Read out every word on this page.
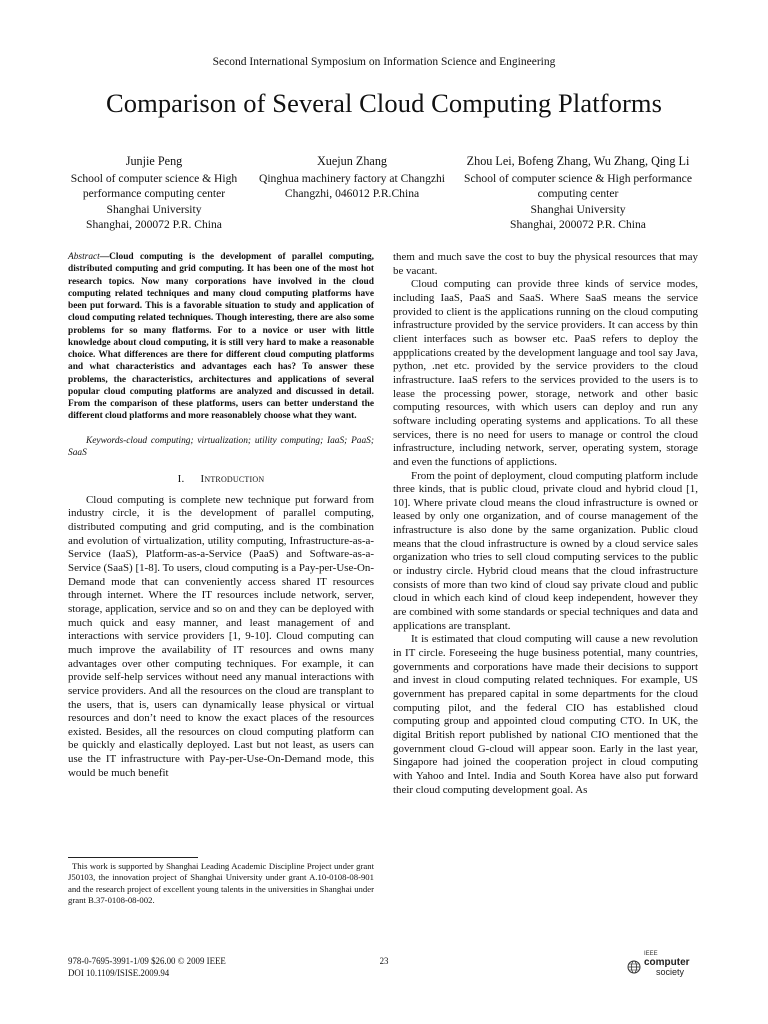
Second International Symposium on Information Science and Engineering
Comparison of Several Cloud Computing Platforms
Junjie Peng
School of computer science & High
performance computing center
Shanghai University
Shanghai, 200072 P.R. China
Xuejun Zhang
Qinghua machinery factory at Changzhi
Changzhi, 046012 P.R.China
Zhou Lei, Bofeng Zhang, Wu Zhang, Qing Li
School of computer science & High performance
computing center
Shanghai University
Shanghai, 200072 P.R. China
Abstract—Cloud computing is the development of parallel computing, distributed computing and grid computing. It has been one of the most hot research topics. Now many corporations have involved in the cloud computing related techniques and many cloud computing platforms have been put forward. This is a favorable situation to study and application of cloud computing related techniques. Though interesting, there are also some problems for so many flatforms. For to a novice or user with little knowledge about cloud computing, it is still very hard to make a reasonable choice. What differences are there for different cloud computing platforms and what characteristics and advantages each has? To answer these problems, the characteristics, architectures and applications of several popular cloud computing platforms are analyzed and discussed in detail. From the comparison of these platforms, users can better understand the different cloud platforms and more reasonablely choose what they want.
Keywords-cloud computing; virtualization; utility computing; IaaS; PaaS; SaaS
I. Introduction

Cloud computing is complete new technique put forward from industry circle, it is the development of parallel computing, distributed computing and grid computing, and is the combination and evolution of virtualization, utility computing, Infrastructure-as-a-Service (IaaS), Platform-as-a-Service (PaaS) and Software-as-a-Service (SaaS) [1-8]. To users, cloud computing is a Pay-per-Use-On-Demand mode that can conveniently access shared IT resources through internet. Where the IT resources include network, server, storage, application, service and so on and they can be deployed with much quick and easy manner, and least management of and interactions with service providers [1, 9-10]. Cloud computing can much improve the availability of IT resources and owns many advantages over other computing techniques. For example, it can provide self-help services without need any manual interactions with service providers. And all the resources on the cloud are transplant to the users, that is, users can dynamically lease physical or virtual resources and don’t need to know the exact places of the resources existed. Besides, all the resources on cloud computing platform can be quickly and elastically deployed. Last but not least, as users can use the IT infrastructure with Pay-per-Use-On-Demand mode, this would be much benefit

This work is supported by Shanghai Leading Academic Discipline Project under grant J50103, the innovation project of Shanghai University under grant A.10-0108-08-901 and the research project of excellent young talents in the universities in Shanghai under grant B.37-0108-08-002.

them and much save the cost to buy the physical resources that may be vacant.

Cloud computing can provide three kinds of service modes, including IaaS, PaaS and SaaS. Where SaaS means the service provided to client is the applications running on the cloud computing infrastructure provided by the service providers. It can access by thin client interfaces such as bowser etc. PaaS refers to deploy the appplications created by the development language and tool say Java, python, .net etc. provided by the service providers to the cloud infrastructure. IaaS refers to the services provided to the users is to lease the processing power, storage, network and other basic computing resources, with which users can deploy and run any software including operating systems and applications. To all these services, there is no need for users to manage or control the cloud infrastructure, including network, server, operating system, storage and even the functions of applictions.

From the point of deployment, cloud computing platform include three kinds, that is public cloud, private cloud and hybrid cloud [1, 10]. Where private cloud means the cloud infrastructure is owned or leased by only one organization, and of course management of the infrastructure is also done by the same organization. Public cloud means that the cloud infrastructure is owned by a cloud service sales organization who tries to sell cloud computing services to the public or industry circle. Hybrid cloud means that the cloud infrastructure consists of more than two kind of cloud say private cloud and public cloud in which each kind of cloud keep independent, however they are combined with some standards or special techniques and data and applications are transplant.

It is estimated that cloud computing will cause a new revolution in IT circle. Foreseeing the huge business potential, many countries, governments and corporations have made their decisions to support and invest in cloud computing related techniques. For example, US government has prepared capital in some departments for the cloud computing pilot, and the federal CIO has established cloud computing group and appointed cloud computing CTO. In UK, the digital British report published by national CIO mentioned that the government cloud G-cloud will appear soon. Early in the last year, Singapore had joined the cooperation project in cloud computing with Yahoo and Intel. India and South Korea have also put forward their cloud computing development goal. As

978-0-7695-3991-1/09 $26.00 © 2009 IEEE
DOI 10.1109/ISISE.2009.94
23
IEEE
computer
society
